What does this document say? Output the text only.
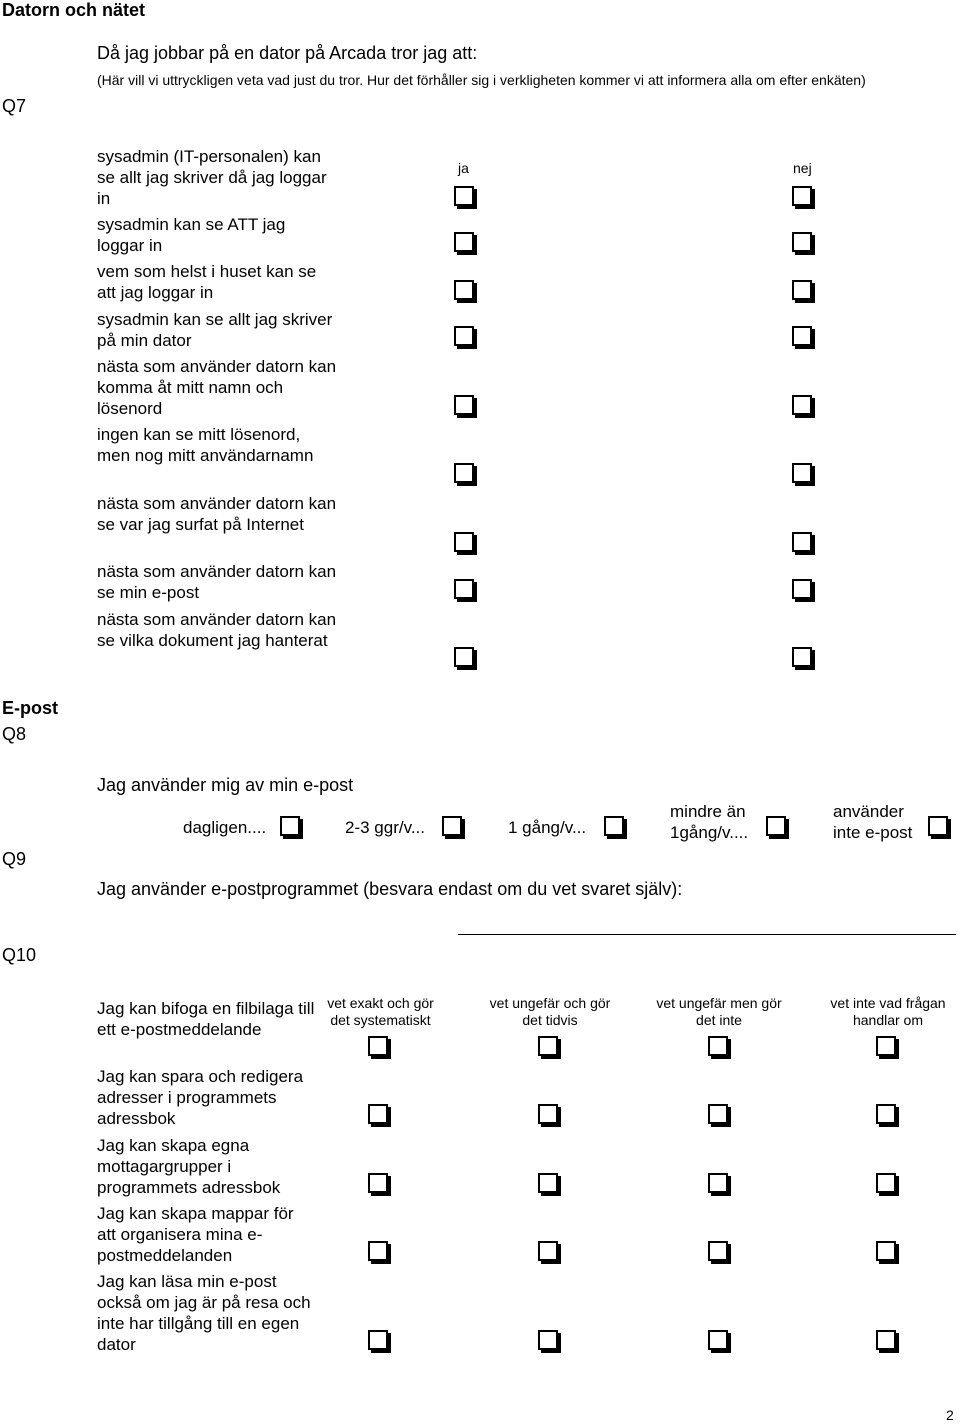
Datorn och nätet
Q7
Då jag jobbar på en dator på Arcada tror jag att:
(Här vill vi uttryckligen veta vad just du tror. Hur det förhåller sig i verkligheten kommer vi att informera alla om efter enkäten)
ja	nej
sysadmin (IT-personalen) kan se allt jag skriver då jag loggar in
sysadmin kan se ATT jag loggar in
vem som helst i huset kan se att jag loggar in
sysadmin kan se allt jag skriver på min dator
nästa som använder datorn kan komma åt mitt namn och lösenord
ingen kan se mitt lösenord, men nog mitt användarnamn
nästa som använder datorn kan se var jag surfat på Internet
nästa som använder datorn kan se min e-post
nästa som använder datorn kan se vilka dokument jag hanterat
E-post
Q8
Jag använder mig av min e-post
dagligen....	2-3 ggr/v...	1 gång/v...
mindre än 1gång/v....
använder inte e-post
Q9
Jag använder e-postprogrammet (besvara endast om du vet svaret själv):
Q10
vet exakt och gör det systematiskt
vet ungefär och gör det tidvis
vet ungefär men gör det inte
vet inte vad frågan handlar om
Jag kan bifoga en filbilaga till ett e-postmeddelande
Jag kan spara och redigera adresser i programmets adressbok
Jag kan skapa egna mottagargrupper i programmets adressbok
Jag kan skapa mappar för att organisera mina e-postmeddelanden
Jag kan läsa min e-post också om jag är på resa och inte har tillgång till en egen dator
2
